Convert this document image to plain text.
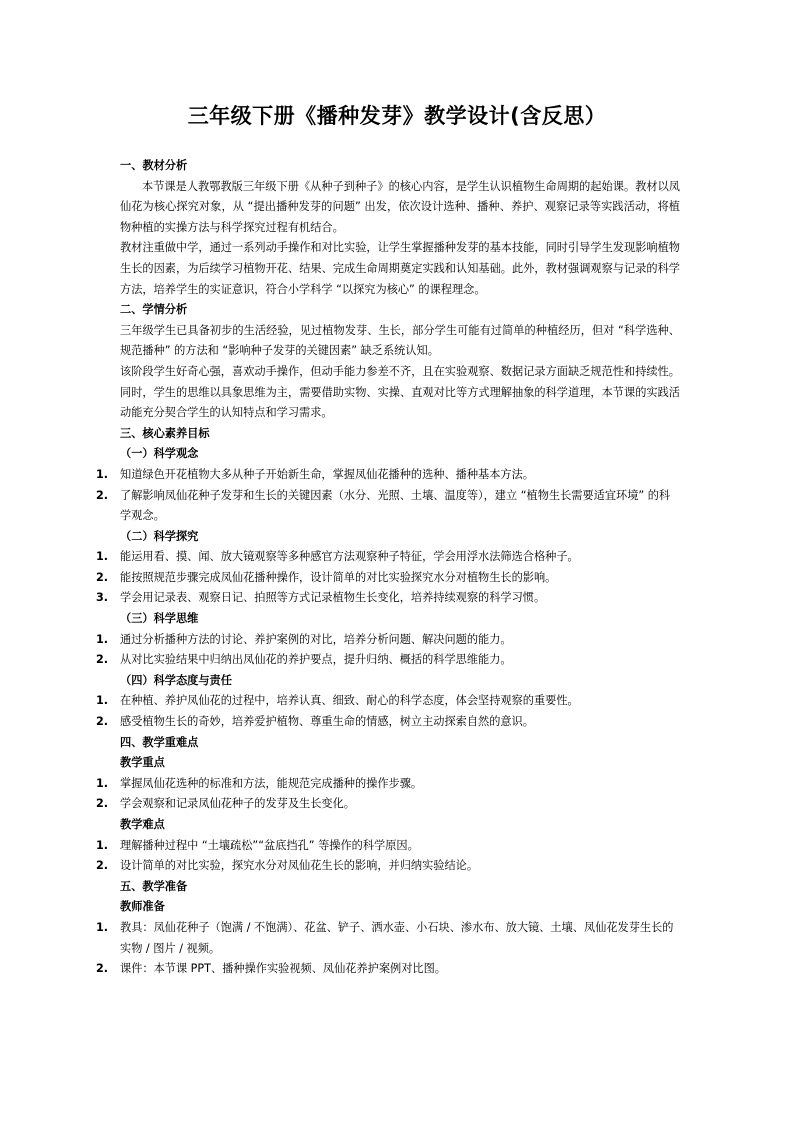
三年级下册《播种发芽》教学设计(含反思）
一、教材分析
本节课是人教鄂教版三年级下册《从种子到种子》的核心内容，是学生认识植物生命周期的起始课。教材以凤仙花为核心探究对象，从 “提出播种发芽的问题” 出发，依次设计选种、播种、养护、观察记录等实践活动，将植物种植的实操方法与科学探究过程有机结合。
教材注重做中学，通过一系列动手操作和对比实验，让学生掌握播种发芽的基本技能，同时引导学生发现影响植物生长的因素，为后续学习植物开花、结果、完成生命周期奠定实践和认知基础。此外，教材强调观察与记录的科学方法，培养学生的实证意识，符合小学科学 “以探究为核心” 的课程理念。
二、学情分析
三年级学生已具备初步的生活经验，见过植物发芽、生长，部分学生可能有过简单的种植经历，但对 “科学选种、规范播种” 的方法和 “影响种子发芽的关键因素” 缺乏系统认知。
该阶段学生好奇心强，喜欢动手操作，但动手能力参差不齐，且在实验观察、数据记录方面缺乏规范性和持续性。同时，学生的思维以具象思维为主，需要借助实物、实操、直观对比等方式理解抽象的科学道理，本节课的实践活动能充分契合学生的认知特点和学习需求。
三、核心素养目标
（一）科学观念
1.	知道绿色开花植物大多从种子开始新生命，掌握凤仙花播种的选种、播种基本方法。
2.	了解影响凤仙花种子发芽和生长的关键因素（水分、光照、土壤、温度等），建立 “植物生长需要适宜环境” 的科学观念。
（二）科学探究
1.	能运用看、摸、闻、放大镜观察等多种感官方法观察种子特征，学会用浮水法筛选合格种子。
2.	能按照规范步骤完成凤仙花播种操作，设计简单的对比实验探究水分对植物生长的影响。
3.	学会用记录表、观察日记、拍照等方式记录植物生长变化，培养持续观察的科学习惯。
（三）科学思维
1.	通过分析播种方法的讨论、养护案例的对比，培养分析问题、解决问题的能力。
2.	从对比实验结果中归纳出凤仙花的养护要点，提升归纳、概括的科学思维能力。
（四）科学态度与责任
1.	在种植、养护凤仙花的过程中，培养认真、细致、耐心的科学态度，体会坚持观察的重要性。
2.	感受植物生长的奇妙，培养爱护植物、尊重生命的情感，树立主动探索自然的意识。
四、教学重难点
教学重点
1.	掌握凤仙花选种的标准和方法，能规范完成播种的操作步骤。
2.	学会观察和记录凤仙花种子的发芽及生长变化。
教学难点
1.	理解播种过程中 “土壤疏松”“盆底挡孔” 等操作的科学原因。
2.	设计简单的对比实验，探究水分对凤仙花生长的影响，并归纳实验结论。
五、教学准备
教师准备
1.	教具：凤仙花种子（饱满 / 不饱满）、花盆、铲子、洒水壶、小石块、渗水布、放大镜、土壤、凤仙花发芽生长的实物 / 图片 / 视频。
2.	课件：本节课 PPT、播种操作实验视频、凤仙花养护案例对比图。
